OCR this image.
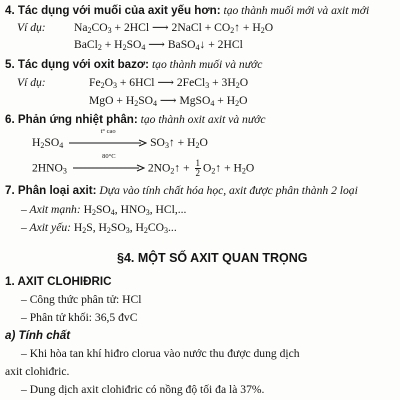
4. Tác dụng với muối của axit yếu hơn: tạo thành muối mới và axit mới
Ví dụ: $Na_2CO_3 + 2HCl$ ⟶ 2NaCl + $CO_2↑ + H_2O$
BaCl$_2$ + $H_2SO_4$ ⟶ BaSO$_4$↓ + 2HCl
5. Tác dụng với oxit bazơ: tạo thành muối và nước
Ví dụ:	$Fe_2O_3 + 6HCl$ ⟶ 2FeCl$_3$ + $3H_2O$
MgO + $H_2SO_4$ ⟶ MgSO$_4$ + $H_2O$
6. Phản ứng nhiệt phân: tạo thành oxit axit và nước
$H_2SO_4$
t° cao
$SO_3↑ + H_2O$
$2HNO_3$
80°C
$2NO_2↑ + \frac{1}{2}$ $O_2↑ + H_2O$
7. Phân loại axit: Dựa vào tính chất hóa học, axit được phân thành 2 loại
– Axit mạnh: $H_2SO_4$, $HNO_3$, HCl,...
– Axit yếu: $H_2S$, $H_2SO_3$, $H_2CO_3$...
§4. MỘT SỐ AXIT QUAN TRỌNG
1. AXIT CLOHIĐRIC
– Công thức phân tử: HCl
– Phân tử khối: 36,5 đvC
a) Tính chất
– Khi hòa tan khí hiđro clorua vào nước thu được dung dịch
axit clohiđric.
– Dung dịch axit clohiđric có nồng độ tối đa là 37%.
